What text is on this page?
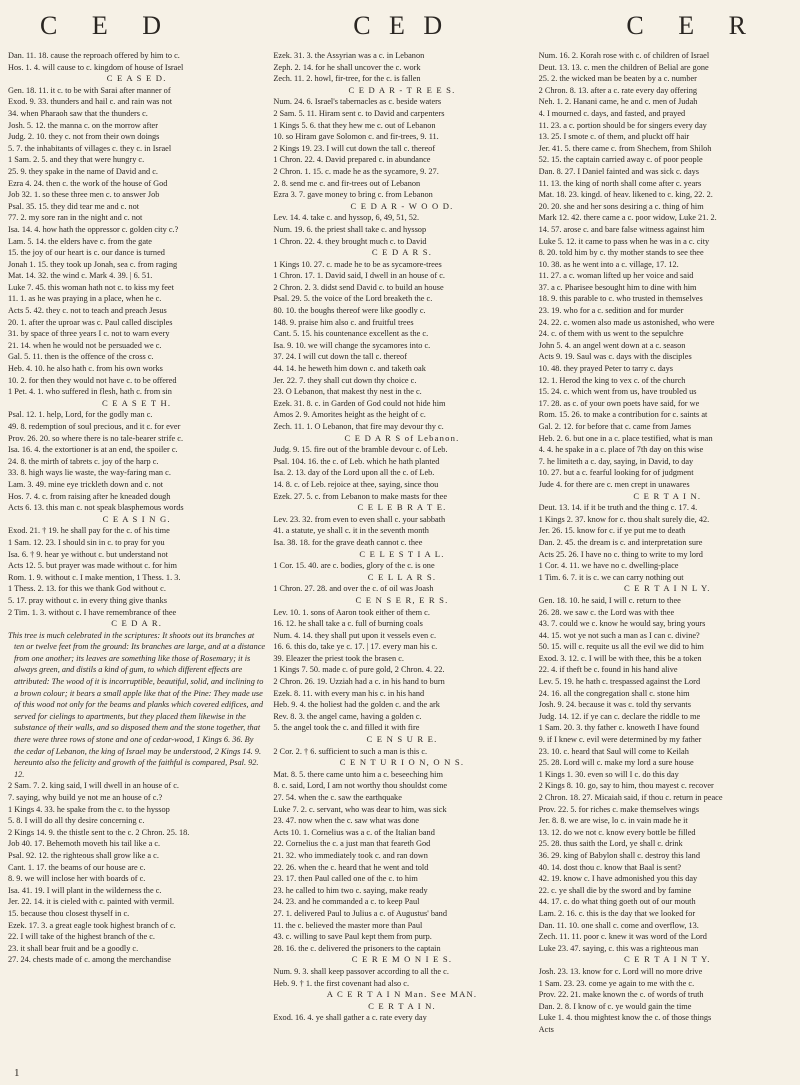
C E D	C E D	C E R
Dan. 11. 18. cause the reproach offered by him to c.
Hos. 1. 4. will cause to c. kingdom of house of Israel
C E A S E D.
Gen. 18. 11. it c. to be with Sarai after manner of
Exod. 9. 33. thunders and hail c. and rain was not
34. when Pharaoh saw that the thunders c.
Josh. 5. 12. the manna c. on the morrow after
Judg. 2. 10. they c. not from their own doings
5. 7. the inhabitants of villages c. they c. in Israel
1 Sam. 2. 5. and they that were hungry c.
25. 9. they spake in the name of David and c.
Ezra 4. 24. then c. the work of the house of God
Job 32. 1. so these three men c. to answer Job
Psal. 35. 15. they did tear me and c. not
77. 2. my sore ran in the night and c. not
Isa. 14. 4. how hath the oppressor c. golden city c.?
Lam. 5. 14. the elders have c. from the gate
15. the joy of our heart is c. our dance is turned
Jonah 1. 15. they took up Jonah, sea c. from raging
Mat. 14. 32. the wind c. Mark 4. 39. | 6. 51.
Luke 7. 45. this woman hath not c. to kiss my feet
11. 1. as he was praying in a place, when he c.
Acts 5. 42. they c. not to teach and preach Jesus
20. 1. after the uproar was c. Paul called disciples
31. by space of three years I c. not to warn every
21. 14. when he would not be persuaded we c.
Gal. 5. 11. then is the offence of the cross c.
Heb. 4. 10. he also hath c. from his own works
10. 2. for then they would not have c. to be offered
1 Pet. 4. 1. who suffered in flesh, hath c. from sin
C E A S E T H.
Psal. 12. 1. help, Lord, for the godly man c.
49. 8. redemption of soul precious, and it c. for ever
Prov. 26. 20. so where there is no tale-bearer strife c.
Isa. 16. 4. the extortioner is at an end, the spoiler c.
24. 8. the mirth of tabrets c. joy of the harp c.
33. 8. high ways lie waste, the way-faring man c.
Lam. 3. 49. mine eye trickleth down and c. not
Hos. 7. 4. c. from raising after he kneaded dough
Acts 6. 13. this man c. not speak blasphemous words
C E A S I N G.
Exod. 21. † 19. he shall pay for the c. of his time
1 Sam. 12. 23. I should sin in c. to pray for you
Isa. 6. † 9. hear ye without c. but understand not
Acts 12. 5. but prayer was made without c. for him
Rom. 1. 9. without c. I make mention, 1 Thess. 1. 3.
1 Thess. 2. 13. for this we thank God without c.
5. 17. pray without c. in every thing give thanks
2 Tim. 1. 3. without c. I have remembrance of thee
C E D A R.
This tree is much celebrated in the scriptures: It shoots out its branches at ten or twelve feet from the ground: Its branches are large, and at a distance from one another; its leaves are something like those of Rosemary; it is always green, and distils a kind of gum, to which different effects are attributed: The wood of it is incorruptible, beautiful, solid, and inclining to a brown colour; it bears a small apple like that of the Pine: They made use of this wood not only for the beams and planks which covered edifices, and served for cielings to apartments, but they placed them likewise in the substance of their walls, and so disposed them and the stone together, that there were three rows of stone and one of cedar-wood, 1 Kings 6. 36. By the cedar of Lebanon, the king of Israel may be understood, 2 Kings 14. 9. hereunto also the felicity and growth of the faithful is compared, Psal. 92. 12.
2 Sam. 7. 2. king said, I will dwell in an house of c.
7. saying, why build ye not me an house of c.?
1 Kings 4. 33. he spake from the c. to the hyssop
5. 8. I will do all thy desire concerning c.
2 Kings 14. 9. the thistle sent to the c. 2 Chron. 25. 18.
Job 40. 17. Behemoth moveth his tail like a c.
Psal. 92. 12. the righteous shall grow like a c.
Cant. 1. 17. the beams of our house are c.
8. 9. we will inclose her with boards of c.
Isa. 41. 19. I will plant in the wilderness the c.
Jer. 22. 14. it is cieled with c. painted with vermil.
15. because thou closest thyself in c.
Ezek. 17. 3. a great eagle took highest branch of c.
22. I will take of the highest branch of the c.
23. it shall bear fruit and be a goodly c.
27. 24. chests made of c. among the merchandise
Ezek. 31. 3. the Assyrian was a c. in Lebanon
Zeph. 2. 14. for he shall uncover the c. work
Zech. 11. 2. howl, fir-tree, for the c. is fallen
C E D A R - T R E E S.
Num. 24. 6. Israel's tabernacles as c. beside waters
2 Sam. 5. 11. Hiram sent c. to David and carpenters
1 Kings 5. 6. that they hew me c. out of Lebanon
10. so Hiram gave Solomon c. and fir-trees, 9. 11.
2 Kings 19. 23. I will cut down the tall c. thereof
1 Chron. 22. 4. David prepared c. in abundance
2 Chron. 1. 15. c. made he as the sycamore, 9. 27.
2. 8. send me c. and fir-trees out of Lebanon
Ezra 3. 7. gave money to bring c. from Lebanon
C E D A R - W O O D.
Lev. 14. 4. take c. and hyssop, 6, 49, 51, 52.
Num. 19. 6. the priest shall take c. and hyssop
1 Chron. 22. 4. they brought much c. to David
C E D A R S.
1 Kings 10. 27. c. made he to be as sycamore-trees
1 Chron. 17. 1. David said, I dwell in an house of c.
2 Chron. 2. 3. didst send David c. to build an house
Psal. 29. 5. the voice of the Lord breaketh the c.
80. 10. the boughs thereof were like goodly c.
148. 9. praise him also c. and fruitful trees
Cant. 5. 15. his countenance excellent as the c.
Isa. 9. 10. we will change the sycamores into c.
37. 24. I will cut down the tall c. thereof
44. 14. he heweth him down c. and taketh oak
Jer. 22. 7. they shall cut down thy choice c.
23. O Lebanon, that makest thy nest in the c.
Ezek. 31. 8. c. in Garden of God could not hide him
Amos 2. 9. Amorites height as the height of c.
Zech. 11. 1. O Lebanon, that fire may devour thy c.
C E D A R S of Lebanon.
Judg. 9. 15. fire out of the bramble devour c. of Leb.
Psal. 104. 16. the c. of Leb. which he hath planted
Isa. 2. 13. day of the Lord upon all the c. of Leb.
14. 8. c. of Leb. rejoice at thee, saying, since thou
Ezek. 27. 5. c. from Lebanon to make masts for thee
C E L E B R A T E.
Lev. 23. 32. from even to even shall c. your sabbath
41. a statute, ye shall c. it in the seventh month
Isa. 38. 18. for the grave death cannot c. thee
C E L E S T I A L.
1 Cor. 15. 40. are c. bodies, glory of the c. is one
C E L L A R S.
1 Chron. 27. 28. and over the c. of oil was Joash
C E N S E R, E R S.
Lev. 10. 1. sons of Aaron took either of them c.
16. 12. he shall take a c. full of burning coals
Num. 4. 14. they shall put upon it vessels even c.
16. 6. this do, take ye c. 17. | 17. every man his c.
39. Eleazer the priest took the brasen c.
1 Kings 7. 50. made c. of pure gold, 2 Chron. 4. 22.
2 Chron. 26. 19. Uzziah had a c. in his hand to burn
Ezek. 8. 11. with every man his c. in his hand
Heb. 9. 4. the holiest had the golden c. and the ark
Rev. 8. 3. the angel came, having a golden c.
5. the angel took the c. and filled it with fire
C E N S U R E.
2 Cor. 2. † 6. sufficient to such a man is this c.
C E N T U R I O N, O N S.
Mat. 8. 5. there came unto him a c. beseeching him
8. c. said, Lord, I am not worthy thou shouldst come
27. 54. when the c. saw the earthquake
Luke 7. 2. c. servant, who was dear to him, was sick
23. 47. now when the c. saw what was done
Acts 10. 1. Cornelius was a c. of the Italian band
22. Cornelius the c. a just man that feareth God
21. 32. who immediately took c. and ran down
22. 26. when the c. heard that he went and told
23. 17. then Paul called one of the c. to him
23. he called to him two c. saying, make ready
24. 23. and he commanded a c. to keep Paul
27. 1. delivered Paul to Julius a c. of Augustus' band
11. the c. believed the master more than Paul
43. c. willing to save Paul kept them from purp.
28. 16. the c. delivered the prisoners to the captain
C E R E M O N I E S.
Num. 9. 3. shall keep passover according to all the c.
Heb. 9. † 1. the first covenant had also c.
A C E R T A I N Man. See MAN.
C E R T A I N.
Exod. 16. 4. ye shall gather a c. rate every day
Num. 16. 2. Korah rose with c. of children of Israel
Deut. 13. 13. c. men the children of Belial are gone
25. 2. the wicked man be beaten by a c. number
2 Chron. 8. 13. after a c. rate every day offering
Neh. 1. 2. Hanani came, he and c. men of Judah
4. I mourned c. days, and fasted, and prayed
11. 23. a c. portion should be for singers every day
13. 25. I smote c. of them, and pluckt off hair
Jer. 41. 5. there came c. from Shechem, from Shiloh
52. 15. the captain carried away c. of poor people
Dan. 8. 27. I Daniel fainted and was sick c. days
11. 13. the king of north shall come after c. years
Mat. 18. 23. kingd. of heav. likened to c. king, 22. 2.
20. 20. she and her sons desiring a c. thing of him
Mark 12. 42. there came a c. poor widow, Luke 21. 2.
14. 57. arose c. and bare false witness against him
Luke 5. 12. it came to pass when he was in a c. city
8. 20. told him by c. thy mother stands to see thee
10. 38. as he went into a c. village, 17. 12.
11. 27. a c. woman lifted up her voice and said
37. a c. Pharisee besought him to dine with him
18. 9. this parable to c. who trusted in themselves
23. 19. who for a c. sedition and for murder
24. 22. c. women also made us astonished, who were
24. c. of them with us went to the sepulchre
John 5. 4. an angel went down at a c. season
Acts 9. 19. Saul was c. days with the disciples
10. 48. they prayed Peter to tarry c. days
12. 1. Herod the king to vex c. of the church
15. 24. c. which went from us, have troubled us
17. 28. as c. of your own poets have said, for we
Rom. 15. 26. to make a contribution for c. saints at
Gal. 2. 12. for before that c. came from James
Heb. 2. 6. but one in a c. place testified, what is man
4. 4. he spake in a c. place of 7th day on this wise
7. he limiteth a c. day, saying, in David, to day
10. 27. but a c. fearful looking for of judgment
Jude 4. for there are c. men crept in unawares
C E R T A I N.
Deut. 13. 14. if it be truth and the thing c. 17. 4.
1 Kings 2. 37. know for c. thou shalt surely die, 42.
Jer. 26. 15. know for c. if ye put me to death
Dan. 2. 45. the dream is c. and interpretation sure
Acts 25. 26. I have no c. thing to write to my lord
1 Cor. 4. 11. we have no c. dwelling-place
1 Tim. 6. 7. it is c. we can carry nothing out
C E R T A I N L Y.
Gen. 18. 10. he said, I will c. return to thee
26. 28. we saw c. the Lord was with thee
43. 7. could we c. know he would say, bring yours
44. 15. wot ye not such a man as I can c. divine?
50. 15. will c. requite us all the evil we did to him
Exod. 3. 12. c. I will be with thee, this be a token
22. 4. if theft be c. found in his hand alive
Lev. 5. 19. he hath c. trespassed against the Lord
24. 16. all the congregation shall c. stone him
Josh. 9. 24. because it was c. told thy servants
Judg. 14. 12. if ye can c. declare the riddle to me
1 Sam. 20. 3. thy father c. knoweth I have found
9. if I knew c. evil were determined by my father
23. 10. c. heard that Saul will come to Keilah
25. 28. Lord will c. make my lord a sure house
1 Kings 1. 30. even so will I c. do this day
2 Kings 8. 10. go, say to him, thou mayest c. recover
2 Chron. 18. 27. Micaiah said, if thou c. return in peace
Prov. 22. 5. for riches c. make themselves wings
Jer. 8. 8. we are wise, lo c. in vain made he it
13. 12. do we not c. know every bottle be filled
25. 28. thus saith the Lord, ye shall c. drink
36. 29. king of Babylon shall c. destroy this land
40. 14. dost thou c. know that Baal is sent?
42. 19. know c. I have admonished you this day
22. c. ye shall die by the sword and by famine
44. 17. c. do what thing goeth out of our mouth
Lam. 2. 16. c. this is the day that we looked for
Dan. 11. 10. one shall c. come and overflow, 13.
Zech. 11. 11. poor c. knew it was word of the Lord
Luke 23. 47. saying, c. this was a righteous man
C E R T A I N T Y.
Josh. 23. 13. know for c. Lord will no more drive
1 Sam. 23. 23. come ye again to me with the c.
Prov. 22. 21. make known the c. of words of truth
Dan. 2. 8. I know of c. ye would gain the time
Luke 1. 4. thou mightest know the c. of those things
Acts
1
